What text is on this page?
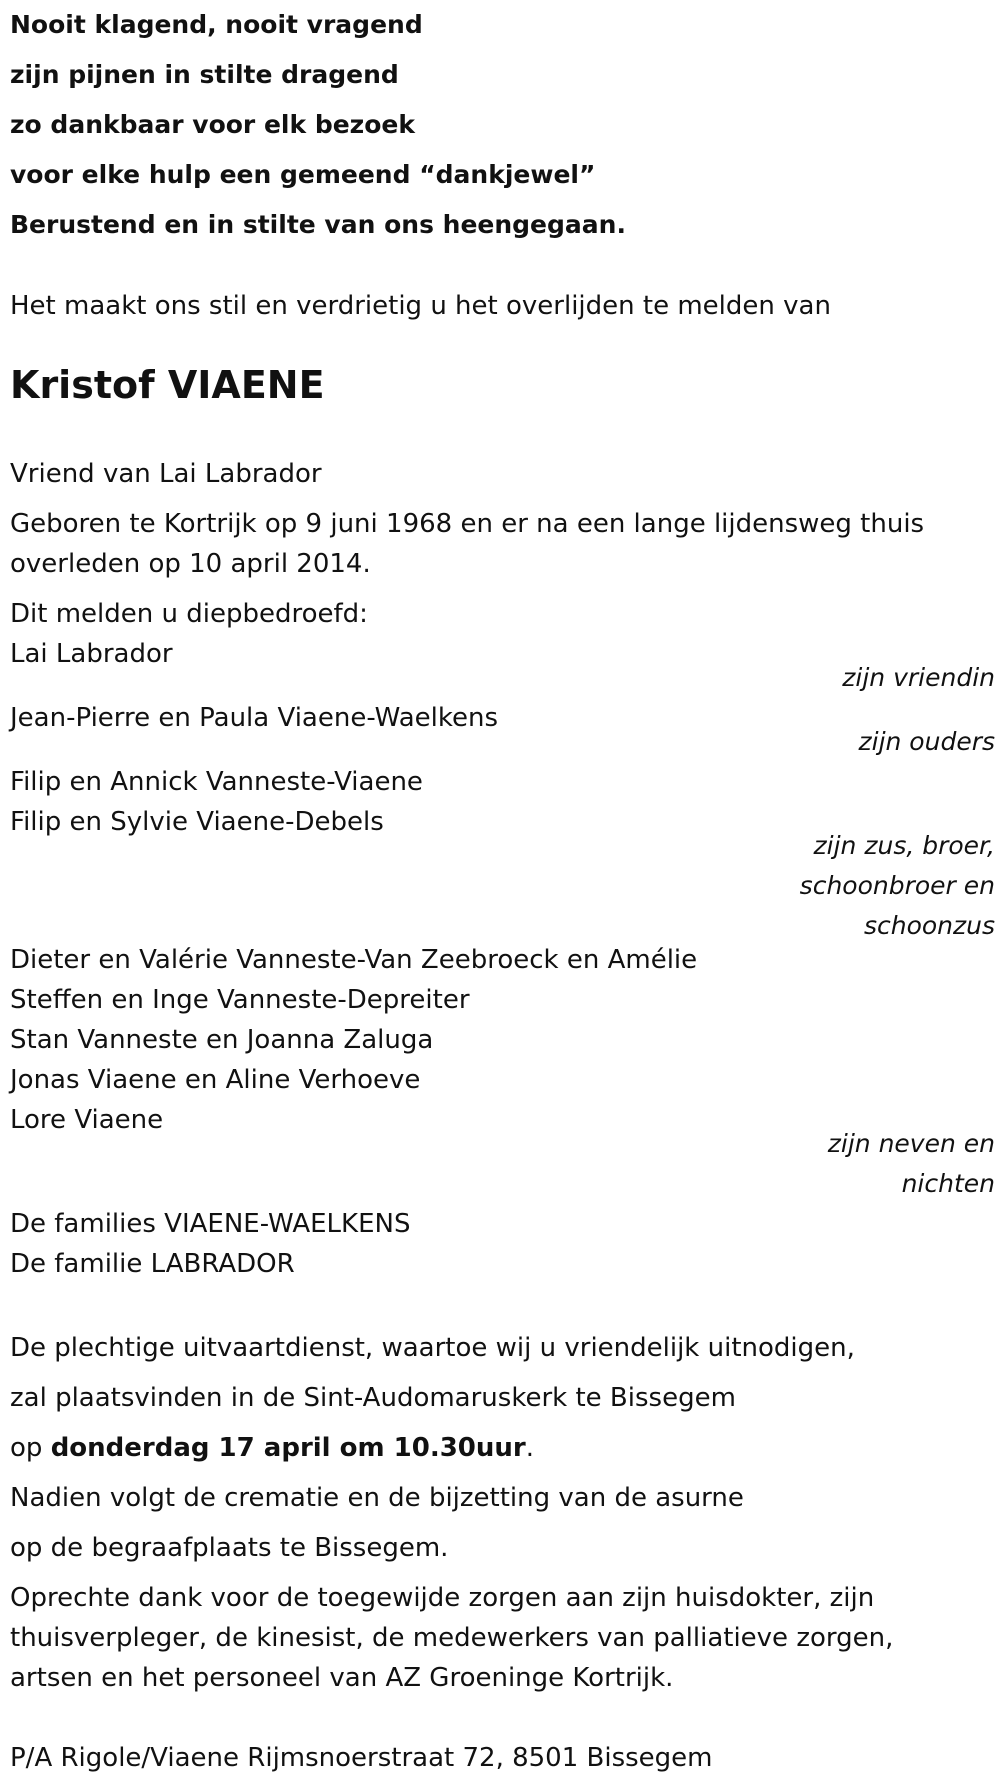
Nooit klagend, nooit vragend

zijn pijnen in stilte dragend

zo dankbaar voor elk bezoek

voor elke hulp een gemeend “dankjewel”

Berustend en in stilte van ons heengegaan.

Het maakt ons stil en verdrietig u het overlijden te melden van

Kristof VIAENE

Vriend van Lai Labrador

Geboren te Kortrijk op 9 juni 1968 en er na een lange lijdensweg thuis

overleden op 10 april 2014.

Dit melden u diepbedroefd:

Lai Labrador

zijn vriendin

Jean-Pierre en Paula Viaene-Waelkens

zijn ouders

Filip en Annick Vanneste-Viaene

Filip en Sylvie Viaene-Debels

zijn zus, broer,
schoonbroer en
schoonzus

Dieter en Valérie Vanneste-Van Zeebroeck en Amélie

Steffen en Inge Vanneste-Depreiter

Stan Vanneste en Joanna Zaluga

Jonas Viaene en Aline Verhoeve

Lore Viaene

zijn neven en
nichten

De families VIAENE-WAELKENS

De familie LABRADOR

De plechtige uitvaartdienst, waartoe wij u vriendelijk uitnodigen,

zal plaatsvinden in de Sint-Audomaruskerk te Bissegem

op donderdag 17 april om 10.30uur.

Nadien volgt de crematie en de bijzetting van de asurne

op de begraafplaats te Bissegem.

Oprechte dank voor de toegewijde zorgen aan zijn huisdokter, zijn

thuisverpleger, de kinesist, de medewerkers van palliatieve zorgen,

artsen en het personeel van AZ Groeninge Kortrijk.

P/A Rigole/Viaene Rijmsnoerstraat 72, 8501 Bissegem
